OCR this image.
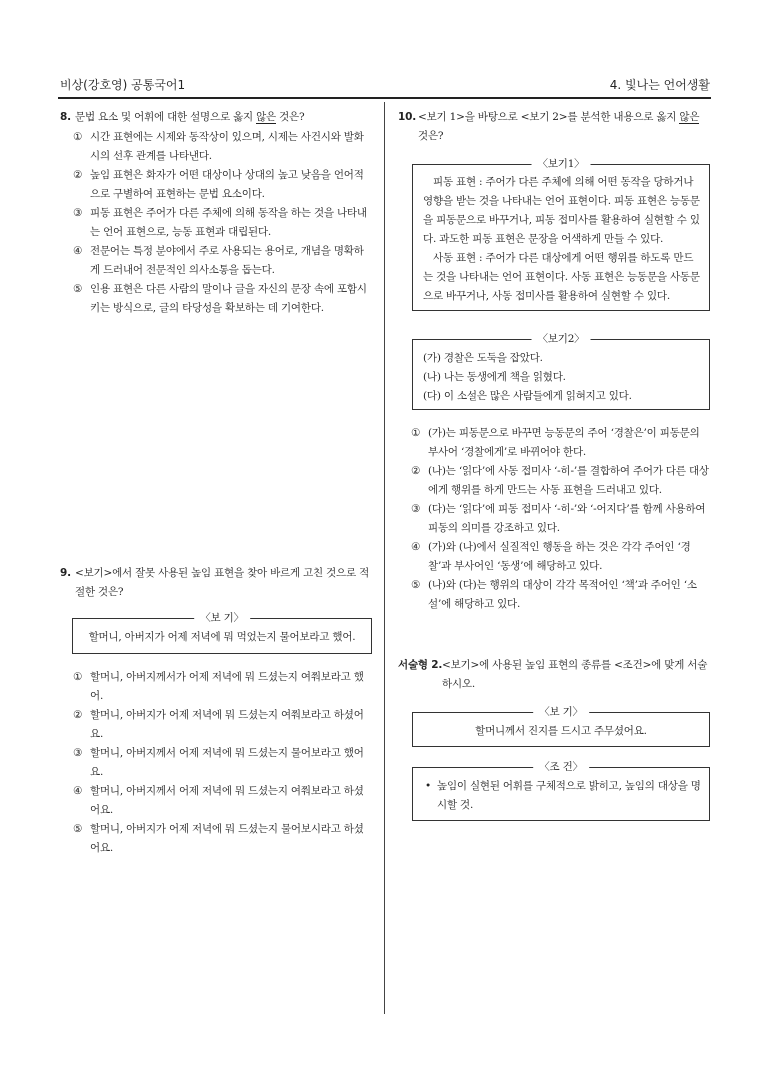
비상(강호영) 공통국어1	4. 빛나는 언어생활
8. 문법 요소 및 어휘에 대한 설명으로 옳지 않은 것은?
① 시간 표현에는 시제와 동작상이 있으며, 시제는 사건시와 발화시의 선후 관계를 나타낸다.
② 높임 표현은 화자가 어떤 대상이나 상대의 높고 낮음을 언어적으로 구별하여 표현하는 문법 요소이다.
③ 피동 표현은 주어가 다른 주체에 의해 동작을 하는 것을 나타내는 언어 표현으로, 능동 표현과 대립된다.
④ 전문어는 특정 분야에서 주로 사용되는 용어로, 개념을 명확하게 드러내어 전문적인 의사소통을 돕는다.
⑤ 인용 표현은 다른 사람의 말이나 글을 자신의 문장 속에 포함시키는 방식으로, 글의 타당성을 확보하는 데 기여한다.
9. <보기>에서 잘못 사용된 높임 표현을 찾아 바르게 고친 것으로 적절한 것은?
〈보 기〉
할머니, 아버지가 어제 저녁에 뭐 먹었는지 물어보라고 했어.
① 할머니, 아버지께서가 어제 저녁에 뭐 드셨는지 여쭤보라고 했어.
② 할머니, 아버지가 어제 저녁에 뭐 드셨는지 여쭤보라고 하셨어요.
③ 할머니, 아버지께서 어제 저녁에 뭐 드셨는지 물어보라고 했어요.
④ 할머니, 아버지께서 어제 저녁에 뭐 드셨는지 여쭤보라고 하셨어요.
⑤ 할머니, 아버지가 어제 저녁에 뭐 드셨는지 물어보시라고 하셨어요.
10. <보기 1>을 바탕으로 <보기 2>를 분석한 내용으로 옳지 않은 것은?
〈보기1〉
피동 표현 : 주어가 다른 주체에 의해 어떤 동작을 당하거나 영향을 받는 것을 나타내는 언어 표현이다. 피동 표현은 능동문을 피동문으로 바꾸거나, 피동 접미사를 활용하여 실현할 수 있다. 과도한 피동 표현은 문장을 어색하게 만들 수 있다.
사동 표현 : 주어가 다른 대상에게 어떤 행위를 하도록 만드는 것을 나타내는 언어 표현이다. 사동 표현은 능동문을 사동문으로 바꾸거나, 사동 접미사를 활용하여 실현할 수 있다.
〈보기2〉
(가) 경찰은 도둑을 잡았다.
(나) 나는 동생에게 책을 읽혔다.
(다) 이 소설은 많은 사람들에게 읽혀지고 있다.
① (가)는 피동문으로 바꾸면 능동문의 주어 ‘경찰은’이 피동문의 부사어 ‘경찰에게’로 바뀌어야 한다.
② (나)는 ‘읽다’에 사동 접미사 ‘-히-’를 결합하여 주어가 다른 대상에게 행위를 하게 만드는 사동 표현을 드러내고 있다.
③ (다)는 ‘읽다’에 피동 접미사 ‘-히-’와 ‘-어지다’를 함께 사용하여 피동의 의미를 강조하고 있다.
④ (가)와 (나)에서 실질적인 행동을 하는 것은 각각 주어인 ‘경찰’과 부사어인 ‘동생’에 해당하고 있다.
⑤ (나)와 (다)는 행위의 대상이 각각 목적어인 ‘책’과 주어인 ‘소설’에 해당하고 있다.
서술형 2. <보기>에 사용된 높임 표현의 종류를 <조건>에 맞게 서술하시오.
〈보 기〉
할머니께서 진지를 드시고 주무셨어요.
〈조 건〉
• 높임이 실현된 어휘를 구체적으로 밝히고, 높임의 대상을 명시할 것.
